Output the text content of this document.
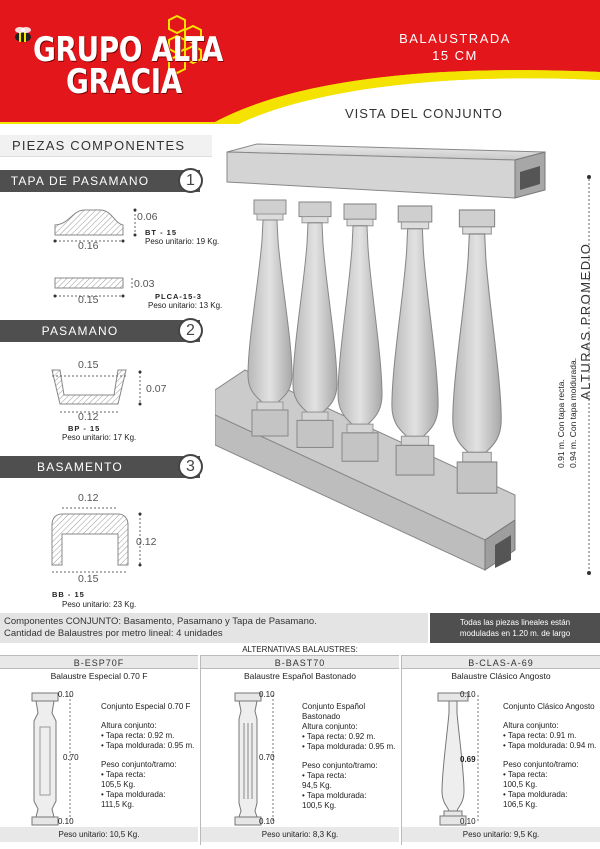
GRUPO ALTA
GRACIA
BALAUSTRADA
15 CM
VISTA DEL CONJUNTO
PIEZAS COMPONENTES
TAPA DE PASAMANO	1
0.06
0.16
BT - 15
Peso unitario: 19 Kg.
0.03
0.15	PLCA-15-3
Peso unitario: 13 Kg.
PASAMANO	2
0.15
0.07
0.12
BP - 15
Peso unitario: 17 Kg.
BASAMENTO	3
0.12
0.12
0.15
BB - 15
Peso unitario: 23 Kg.
0.91 m. Con tapa recta. 0.94 m. Con tapa moldurada.
ALTURAS PROMEDIO
Componentes CONJUNTO: Basamento, Pasamano y Tapa de Pasamano.
Cantidad de Balaustres por metro lineal: 4 unidades
Todas las piezas lineales están
moduladas en 1.20 m. de largo
ALTERNATIVAS BALAUSTRES:
B-ESP70F
Balaustre Especial 0.70 F
0.10
0.70
0.10
Conjunto Especial 0.70 F
Altura conjunto:
• Tapa recta: 0.92 m.
• Tapa moldurada: 0.95 m.
Peso conjunto/tramo:
• Tapa recta:
105,5 Kg.
• Tapa moldurada:
111,5 Kg.
Peso unitario: 10,5 Kg.
B-BAST70
Balaustre Español Bastonado
0.10
0.70
0.10
Conjunto Español
Bastonado
Altura conjunto:
• Tapa recta: 0.92 m.
• Tapa moldurada: 0.95 m.
Peso conjunto/tramo:
• Tapa recta:
94,5 Kg.
• Tapa moldurada:
100,5 Kg.
Peso unitario: 8,3 Kg.
B-CLAS-A-69
Balaustre Clásico Angosto
0.10
0.69
0.10
Conjunto Clásico Angosto
Altura conjunto:
• Tapa recta: 0.91 m.
• Tapa moldurada: 0.94 m.
Peso conjunto/tramo:
• Tapa recta:
100,5 Kg.
• Tapa moldurada:
106,5 Kg.
Peso unitario: 9,5 Kg.
